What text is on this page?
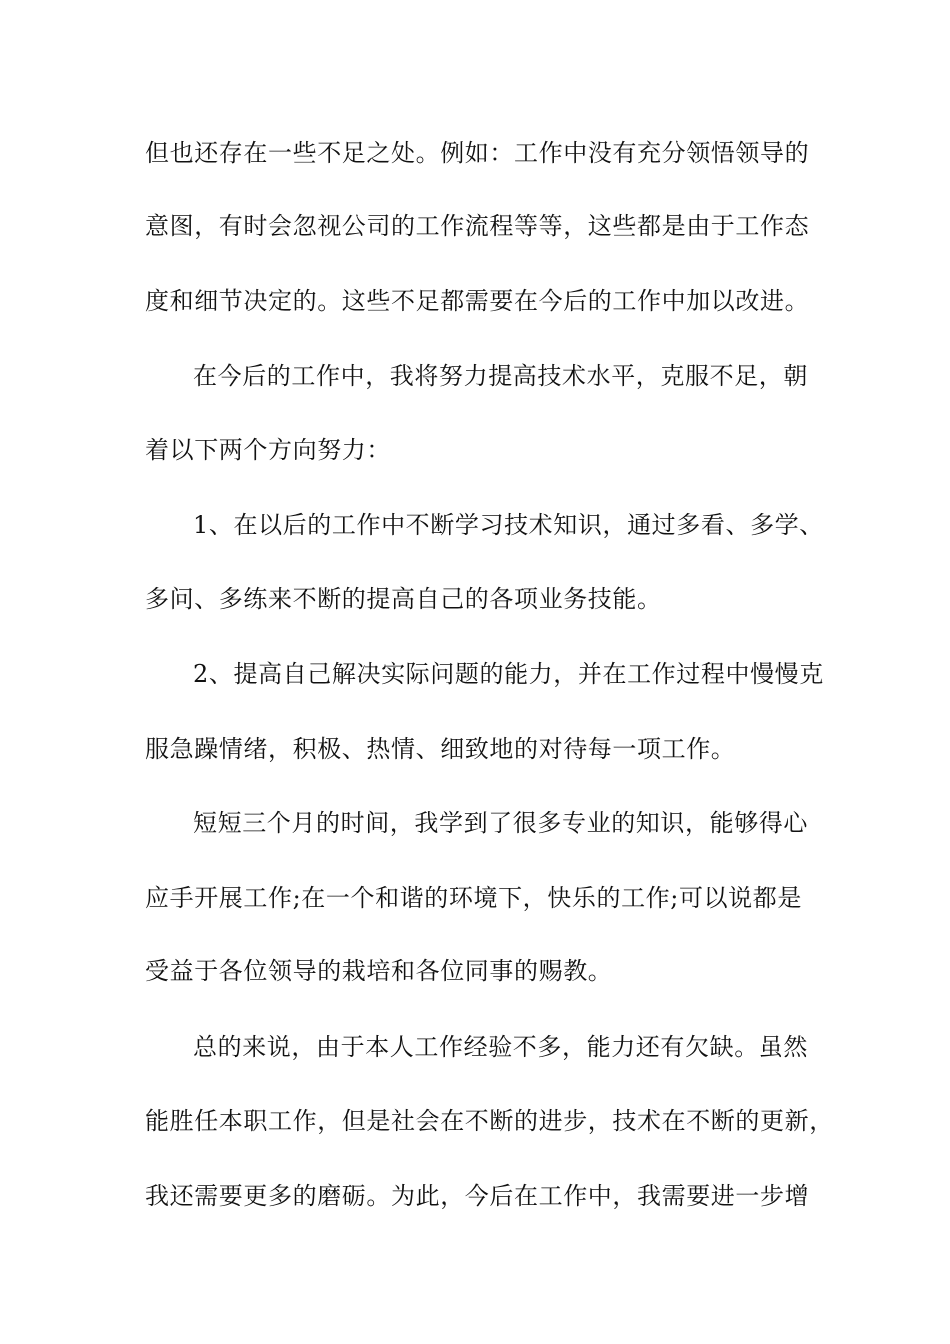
但也还存在一些不足之处。例如：工作中没有充分领悟领导的
意图，有时会忽视公司的工作流程等等，这些都是由于工作态
度和细节决定的。这些不足都需要在今后的工作中加以改进。
在今后的工作中，我将努力提高技术水平，克服不足，朝
着以下两个方向努力：
1、在以后的工作中不断学习技术知识，通过多看、多学、
多问、多练来不断的提高自己的各项业务技能。
2、提高自己解决实际问题的能力，并在工作过程中慢慢克
服急躁情绪，积极、热情、细致地的对待每一项工作。
短短三个月的时间，我学到了很多专业的知识，能够得心
应手开展工作;在一个和谐的环境下，快乐的工作;可以说都是
受益于各位领导的栽培和各位同事的赐教。
总的来说，由于本人工作经验不多，能力还有欠缺。虽然
能胜任本职工作，但是社会在不断的进步，技术在不断的更新，
我还需要更多的磨砺。为此，今后在工作中，我需要进一步增
